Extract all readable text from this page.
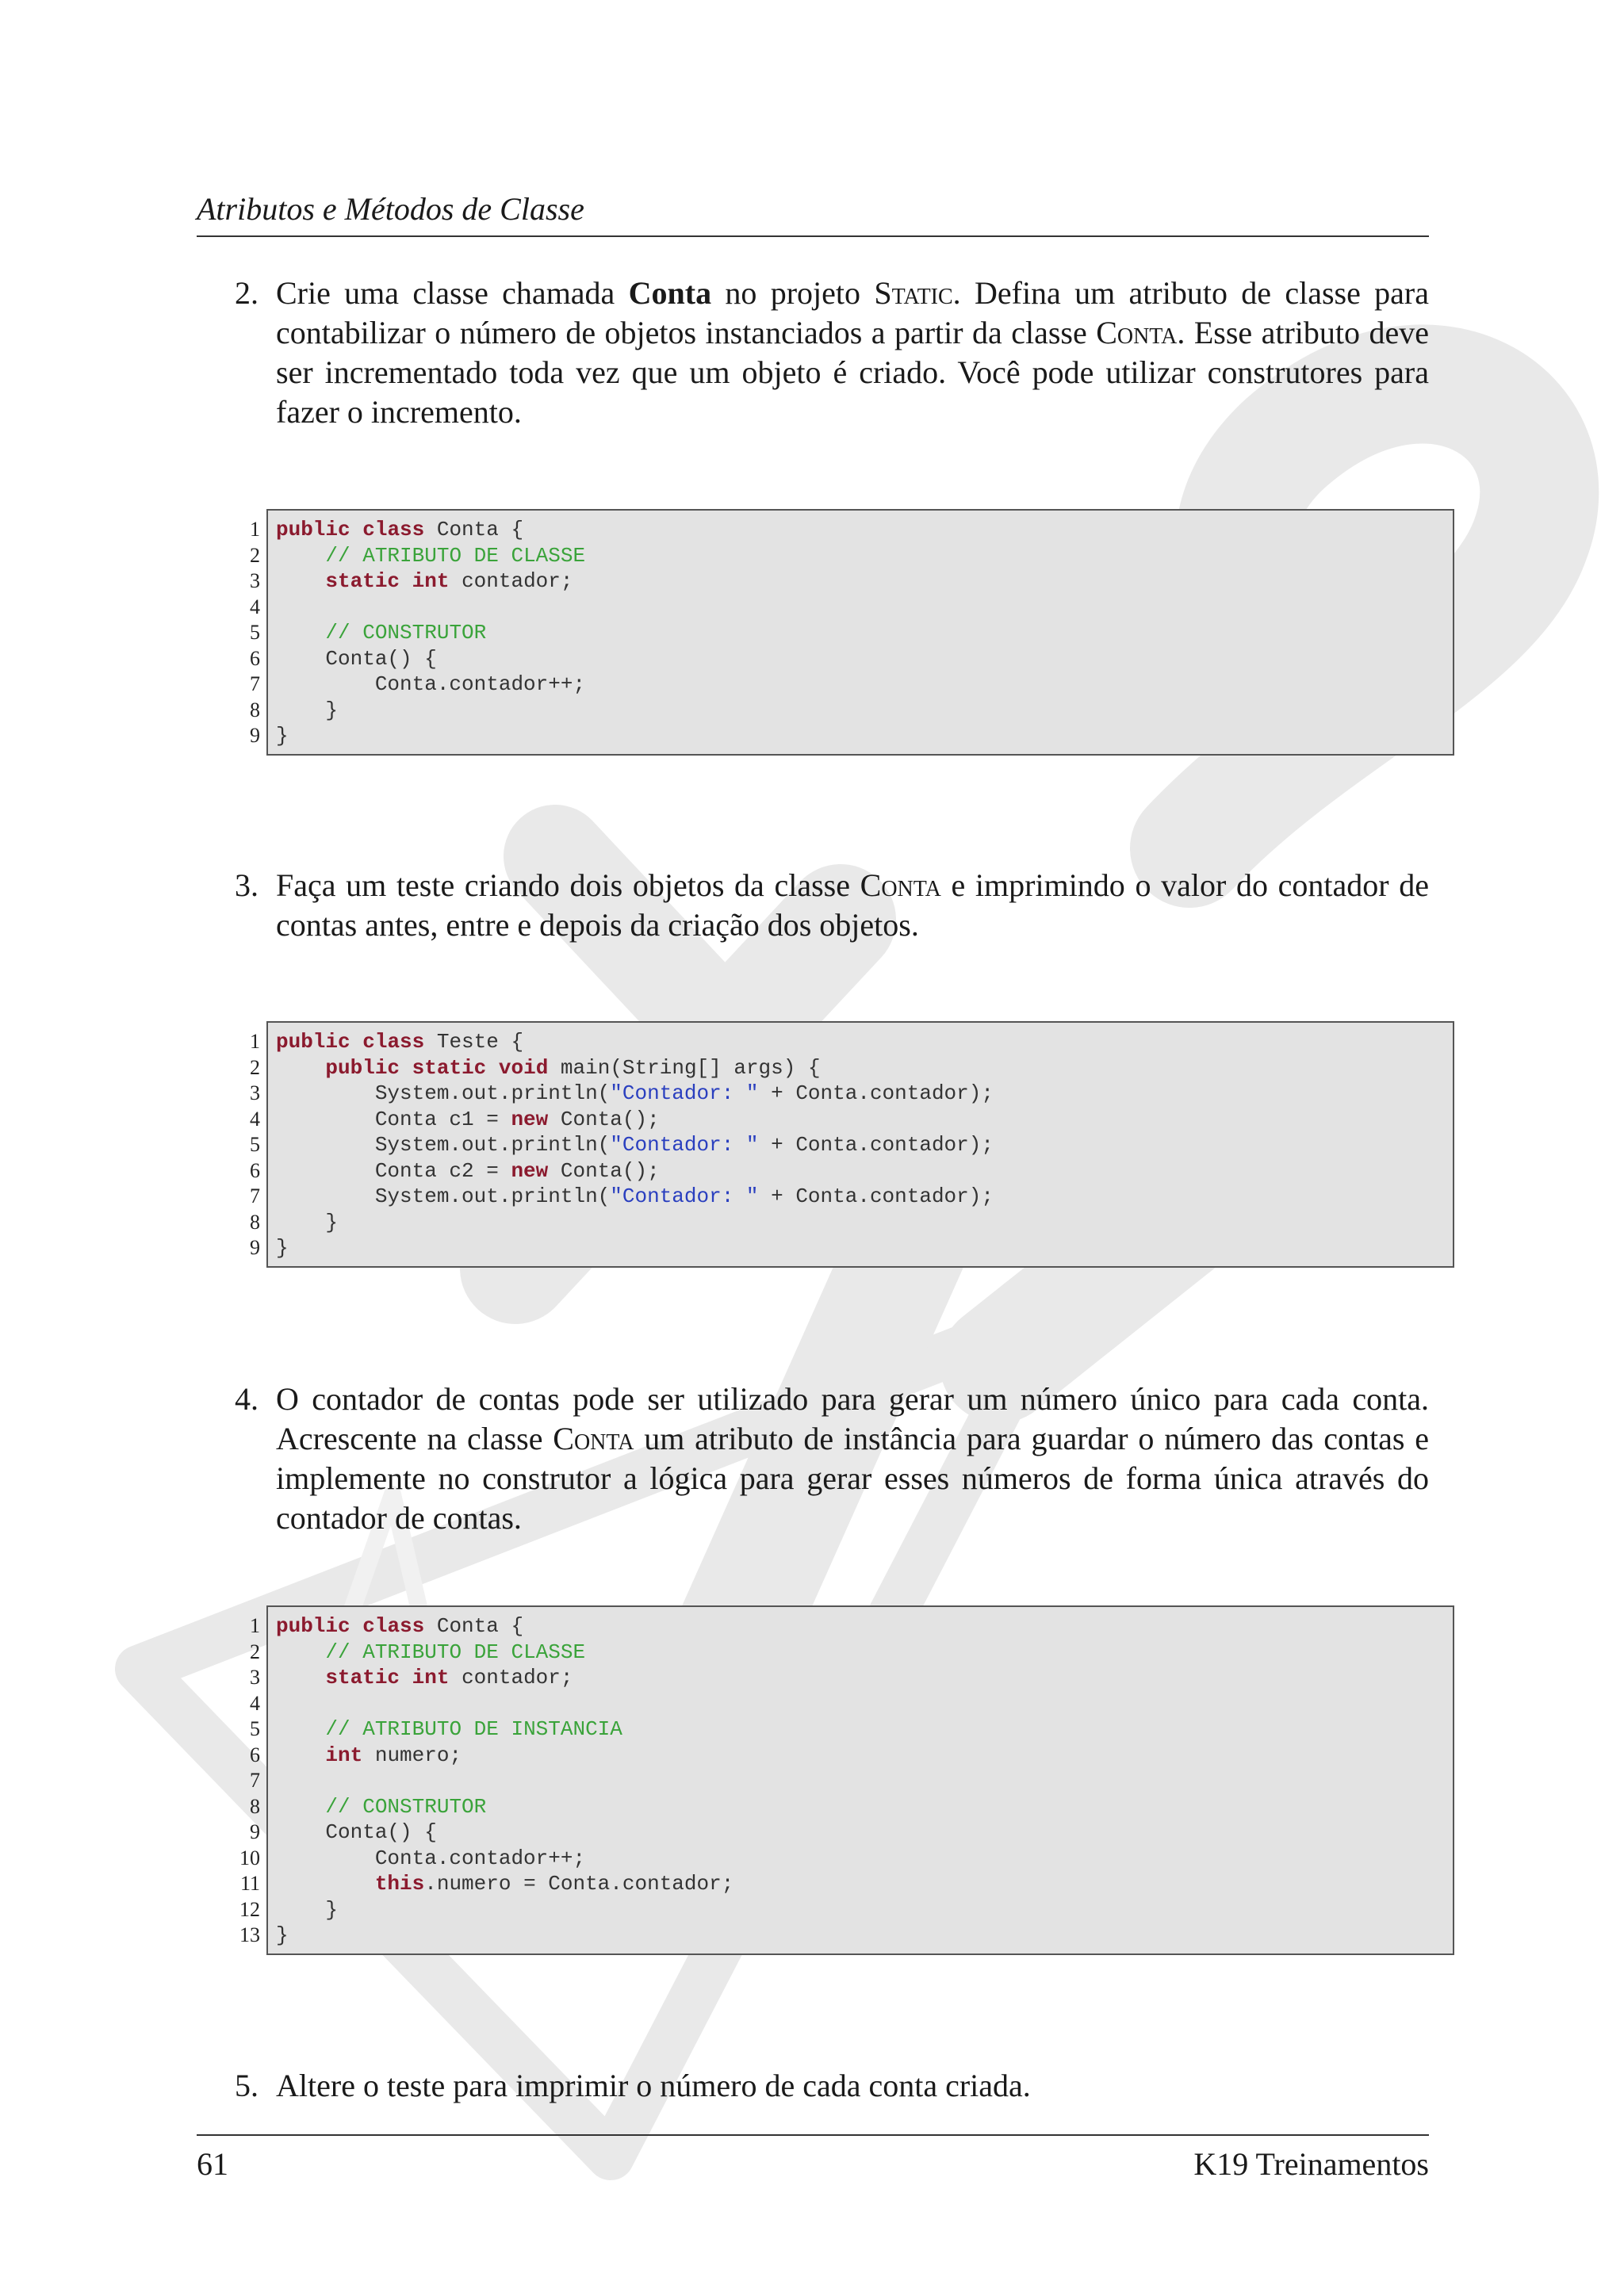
Atributos e Métodos de Classe
2. Crie uma classe chamada Conta no projeto Static. Defina um atributo de classe para contabilizar o número de objetos instanciados a partir da classe Conta. Esse atributo deve ser incrementado toda vez que um objeto é criado. Você pode utilizar construtores para fazer o incremento.
1 public class Conta {
2	// ATRIBUTO DE CLASSE
3	static int contador;
4
5	// CONSTRUTOR
6 Conta() {
7 Conta.contador++;
8 }
9 }
3. Faça um teste criando dois objetos da classe Conta e imprimindo o valor do contador de contas antes, entre e depois da criação dos objetos.
1 public class Teste {
2	public static void main(String[] args) {
3 System.out.println("Contador: " + Conta.contador);
4 Conta c1 = new Conta();
5 System.out.println("Contador: " + Conta.contador);
6 Conta c2 = new Conta();
7 System.out.println("Contador: " + Conta.contador);
8 }
9 }
4. O contador de contas pode ser utilizado para gerar um número único para cada conta. Acrescente na classe Conta um atributo de instância para guardar o número das contas e implemente no construtor a lógica para gerar esses números de forma única através do contador de contas.
1 public class Conta {
2	// ATRIBUTO DE CLASSE
3	static int contador;
4
5	// ATRIBUTO DE INSTANCIA
6	int numero;
7
8	// CONSTRUTOR
9 Conta() {
10 Conta.contador++;
11	this.numero = Conta.contador;
12 }
13 }
5. Altere o teste para imprimir o número de cada conta criada.
61	K19 Treinamentos
